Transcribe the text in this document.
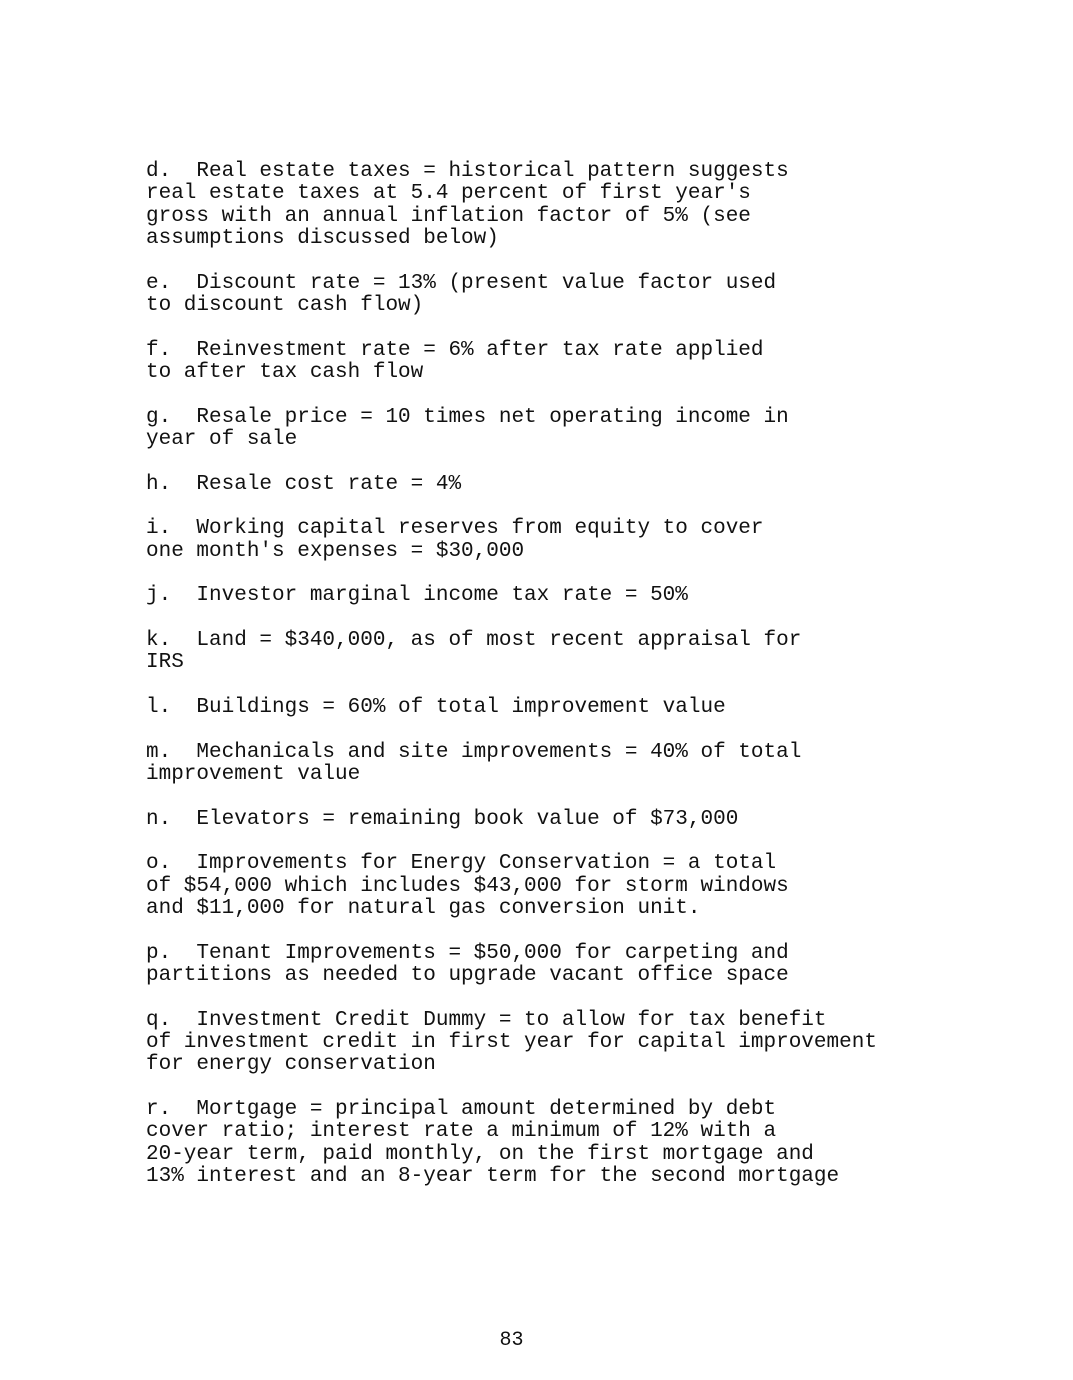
d.  Real estate taxes = historical pattern suggests
real estate taxes at 5.4 percent of first year's
gross with an annual inflation factor of 5% (see
assumptions discussed below)
e.  Discount rate = 13% (present value factor used
to discount cash flow)
f.  Reinvestment rate = 6% after tax rate applied
to after tax cash flow
g.  Resale price = 10 times net operating income in
year of sale
h.  Resale cost rate = 4%
i.  Working capital reserves from equity to cover
one month's expenses = $30,000
j.  Investor marginal income tax rate = 50%
k.  Land = $340,000, as of most recent appraisal for
IRS
l.  Buildings = 60% of total improvement value
m.  Mechanicals and site improvements = 40% of total
improvement value
n.  Elevators = remaining book value of $73,000
o.  Improvements for Energy Conservation = a total
of $54,000 which includes $43,000 for storm windows
and $11,000 for natural gas conversion unit.
p.  Tenant Improvements = $50,000 for carpeting and
partitions as needed to upgrade vacant office space
q.  Investment Credit Dummy = to allow for tax benefit
of investment credit in first year for capital improvement
for energy conservation
r.  Mortgage = principal amount determined by debt
cover ratio; interest rate a minimum of 12% with a
20-year term, paid monthly, on the first mortgage and
13% interest and an 8-year term for the second mortgage
83
